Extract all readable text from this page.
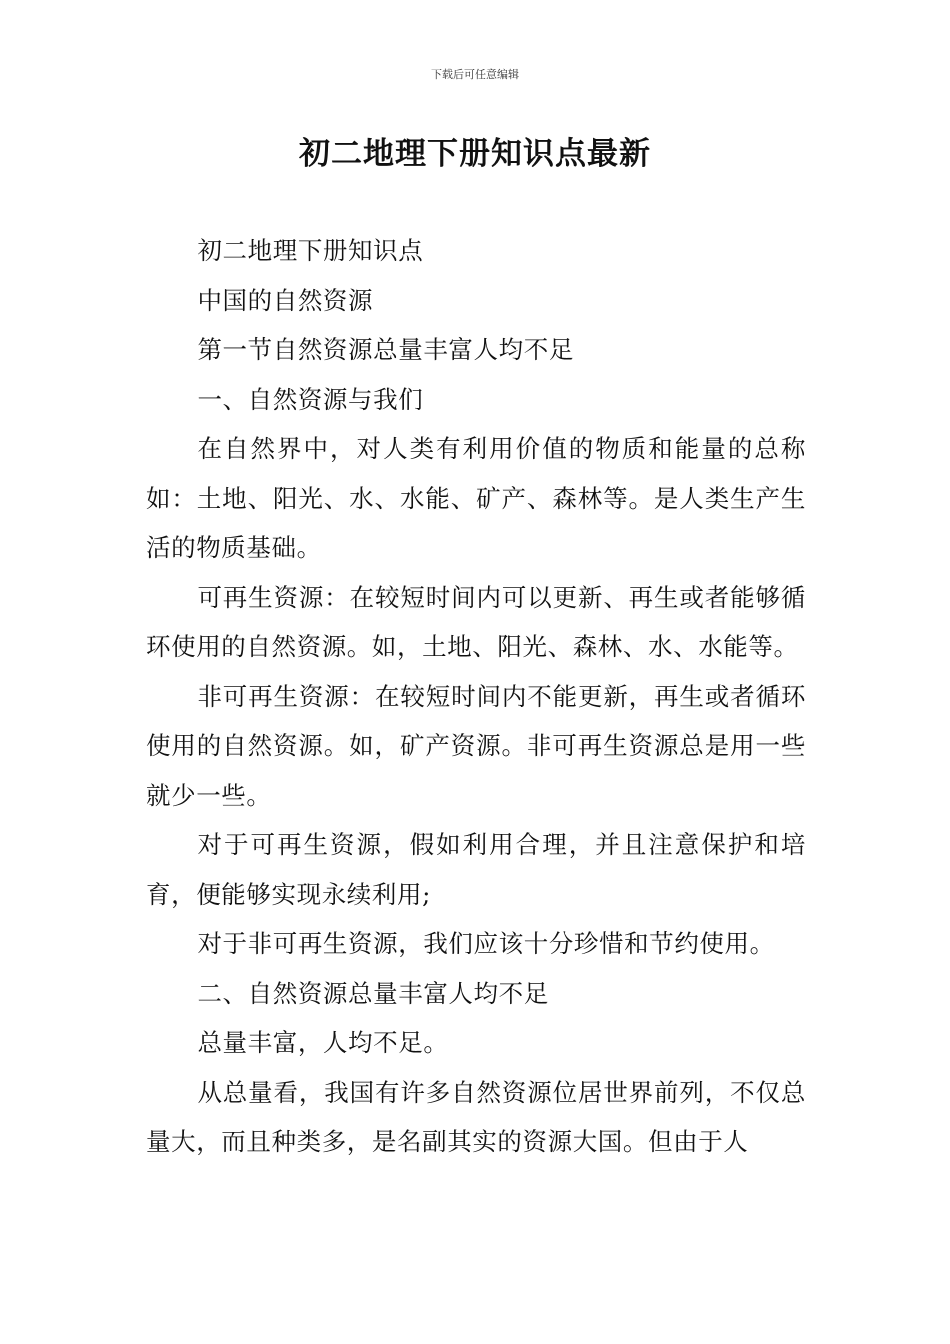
下载后可任意编辑
初二地理下册知识点最新

初二地理下册知识点

中国的自然资源

第一节自然资源总量丰富人均不足

一、自然资源与我们

在自然界中，对人类有利用价值的物质和能量的总称如：土地、阳光、水、水能、矿产、森林等。是人类生产生活的物质基础。

可再生资源：在较短时间内可以更新、再生或者能够循环使用的自然资源。如，土地、阳光、森林、水、水能等。

非可再生资源：在较短时间内不能更新，再生或者循环使用的自然资源。如，矿产资源。非可再生资源总是用一些就少一些。

对于可再生资源，假如利用合理，并且注意保护和培育，便能够实现永续利用;

对于非可再生资源，我们应该十分珍惜和节约使用。

二、自然资源总量丰富人均不足

总量丰富，人均不足。

从总量看，我国有许多自然资源位居世界前列，不仅总量大，而且种类多，是名副其实的资源大国。但由于人
